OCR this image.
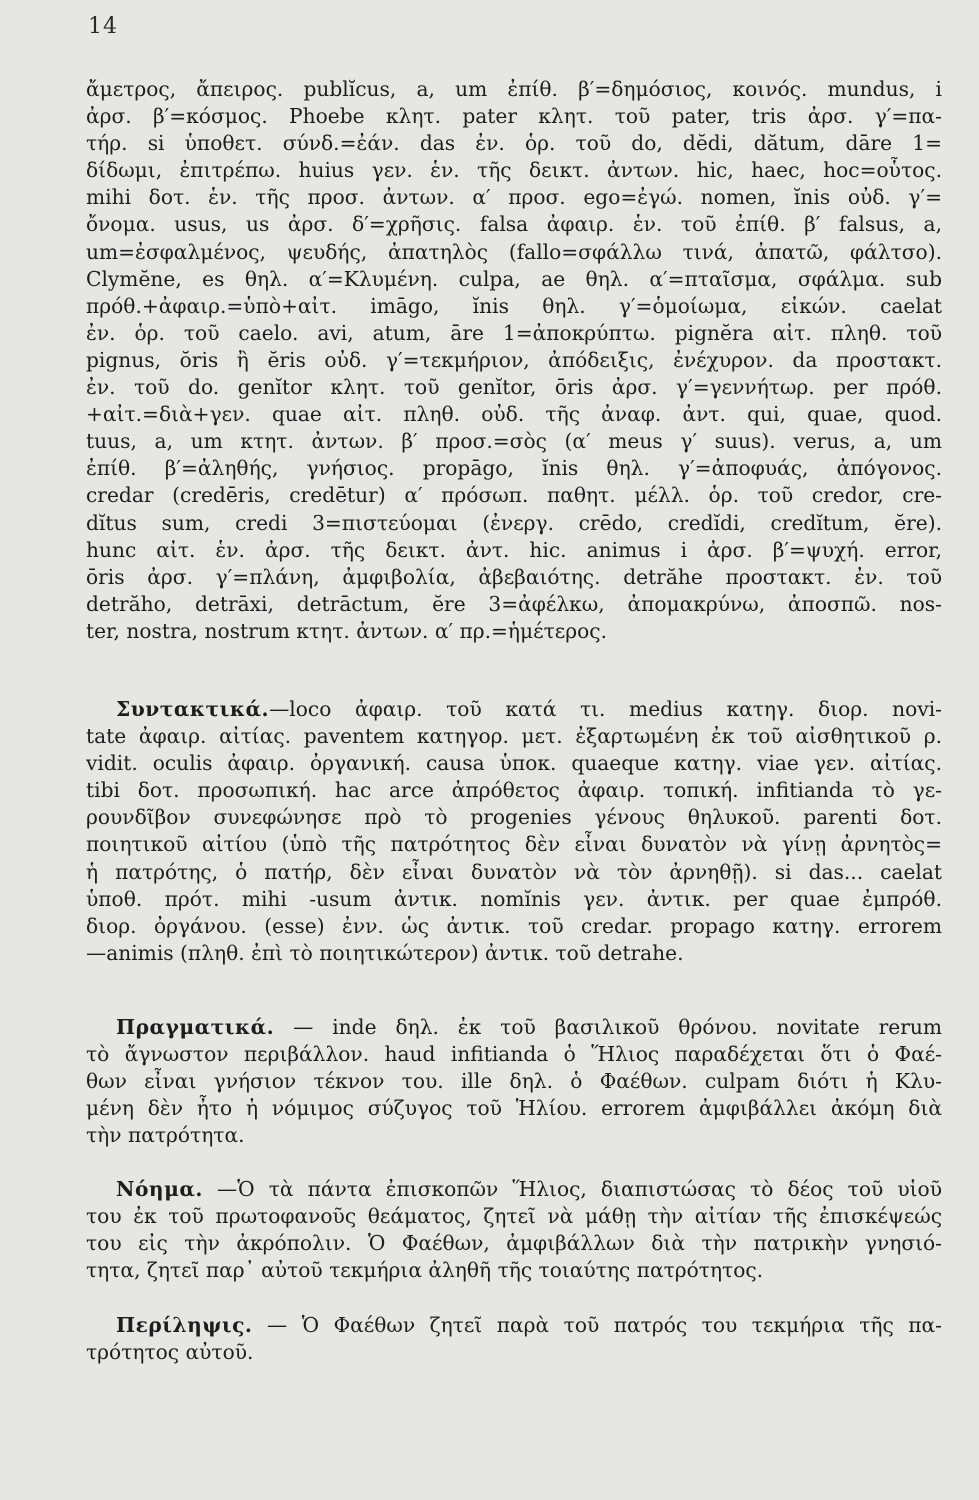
14
ἄμετρος, ἄπειρος. publĭcus, a, um ἐπίθ. β′=δημόσιος, κοινός. mundus, i
ἀρσ. β′=κόσμος. Phoebe κλητ. pater κλητ. τοῦ pater, tris ἀρσ. γ′=πα-
τήρ. si ὑποθετ. σύνδ.=ἐάν. das ἐν. ὁρ. τοῦ do, dĕdi, dătum, dāre 1=
δίδωμι, ἐπιτρέπω. huius γεν. ἑν. τῆς δεικτ. ἀντων. hic, haec, hoc=οὗτος.
mihi δοτ. ἑν. τῆς προσ. ἀντων. α′ προσ. ego=ἐγώ. nomen, ĭnis οὐδ. γ′=
ὄνομα. usus, us ἀρσ. δ′=χρῆσις. falsa ἀφαιρ. ἑν. τοῦ ἐπίθ. β′ falsus, a,
um=ἐσφαλμένος, ψευδής, ἀπατηλὸς (fallo=σφάλλω τινά, ἀπατῶ, φάλτσο).
Clymĕne, es θηλ. α′=Κλυμένη. culpa, ae θηλ. α′=πταῖσμα, σφάλμα. sub
πρόθ.+ἀφαιρ.=ὑπὸ+αἰτ. imāgo, ĭnis θηλ. γ′=ὁμοίωμα, εἰκών. caelat
ἐν. ὁρ. τοῦ caelo. avi, atum, āre 1=ἀποκρύπτω. pignĕra αἰτ. πληθ. τοῦ
pignus, ŏris ἢ ĕris οὐδ. γ′=τεκμήριον, ἀπόδειξις, ἐνέχυρον. da προστακτ.
ἐν. τοῦ do. genĭtor κλητ. τοῦ genĭtor, ōris ἀρσ. γ′=γεννήτωρ. per πρόθ.
+αἰτ.=διὰ+γεν. quae αἰτ. πληθ. οὐδ. τῆς ἀναφ. ἀντ. qui, quae, quod.
tuus, a, um κτητ. ἀντων. β′ προσ.=σὸς (α′ meus γ′ suus). verus, a, um
ἐπίθ. β′=ἀληθής, γνήσιος. propāgo, ĭnis θηλ. γ′=ἀποφυάς, ἀπόγονος.
credar (credēris, credētur) α′ πρόσωπ. παθητ. μέλλ. ὁρ. τοῦ credor, cre-
dĭtus sum, credi 3=πιστεύομαι (ἐνεργ. crēdo, credĭdi, credĭtum, ĕre).
hunc αἰτ. ἑν. ἀρσ. τῆς δεικτ. ἀντ. hic. animus i ἀρσ. β′=ψυχή. error,
ōris ἀρσ. γ′=πλάνη, ἀμφιβολία, ἀβεβαιότης. detrăhe προστακτ. ἐν. τοῦ
detrăho, detrāxi, detrāctum, ĕre 3=ἀφέλκω, ἀπομακρύνω, ἀποσπῶ. nos-
ter, nostra, nostrum κτητ. ἀντων. α′ πρ.=ἡμέτερος.
Συντακτικά.—loco ἀφαιρ. τοῦ κατά τι. medius κατηγ. διορ. novi-
tate ἀφαιρ. αἰτίας. paventem κατηγορ. μετ. ἐξαρτωμένη ἐκ τοῦ αἰσθητικοῦ ρ.
vidit. oculis ἀφαιρ. ὀργανική. causa ὑποκ. quaeque κατηγ. viae γεν. αἰτίας.
tibi δοτ. προσωπική. hac arce ἀπρόθετος ἀφαιρ. τοπική. infitianda τὸ γε-
ρουνδῖβον συνεφώνησε πρὸ τὸ progenies γένους θηλυκοῦ. parenti δοτ.
ποιητικοῦ αἰτίου (ὑπὸ τῆς πατρότητος δὲν εἶναι δυνατὸν νὰ γίνῃ ἀρνητὸς=
ἡ πατρότης, ὁ πατήρ, δὲν εἶναι δυνατὸν νὰ τὸν ἀρνηθῇ). si das... caelat
ὑποθ. πρότ. mihi -usum ἀντικ. nomĭnis γεν. ἀντικ. per quae ἐμπρόθ.
διορ. ὀργάνου. (esse) ἐνν. ὡς ἀντικ. τοῦ credar. propago κατηγ. errorem
—animis (πληθ. ἐπὶ τὸ ποιητικώτερον) ἀντικ. τοῦ detrahe.
Πραγματικά. — inde δηλ. ἐκ τοῦ βασιλικοῦ θρόνου. novitate rerum
τὸ ἄγνωστον περιβάλλον. haud infitianda ὁ Ἥλιος παραδέχεται ὅτι ὁ Φαέ-
θων εἶναι γνήσιον τέκνον του. ille δηλ. ὁ Φαέθων. culpam διότι ἡ Κλυ-
μένη δὲν ἦτο ἡ νόμιμος σύζυγος τοῦ Ἡλίου. errorem ἀμφιβάλλει ἀκόμη διὰ
τὴν πατρότητα.
Νόημα. —Ὁ τὰ πάντα ἐπισκοπῶν Ἥλιος, διαπιστώσας τὸ δέος τοῦ υἱοῦ
του ἐκ τοῦ πρωτοφανοῦς θεάματος, ζητεῖ νὰ μάθῃ τὴν αἰτίαν τῆς ἐπισκέψεώς
του εἰς τὴν ἀκρόπολιν. Ὁ Φαέθων, ἀμφιβάλλων διὰ τὴν πατρικὴν γνησιό-
τητα, ζητεῖ παρ᾽ αὐτοῦ τεκμήρια ἀληθῆ τῆς τοιαύτης πατρότητος.
Περίληψις. — Ὁ Φαέθων ζητεῖ παρὰ τοῦ πατρός του τεκμήρια τῆς πα-
τρότητος αὐτοῦ.
